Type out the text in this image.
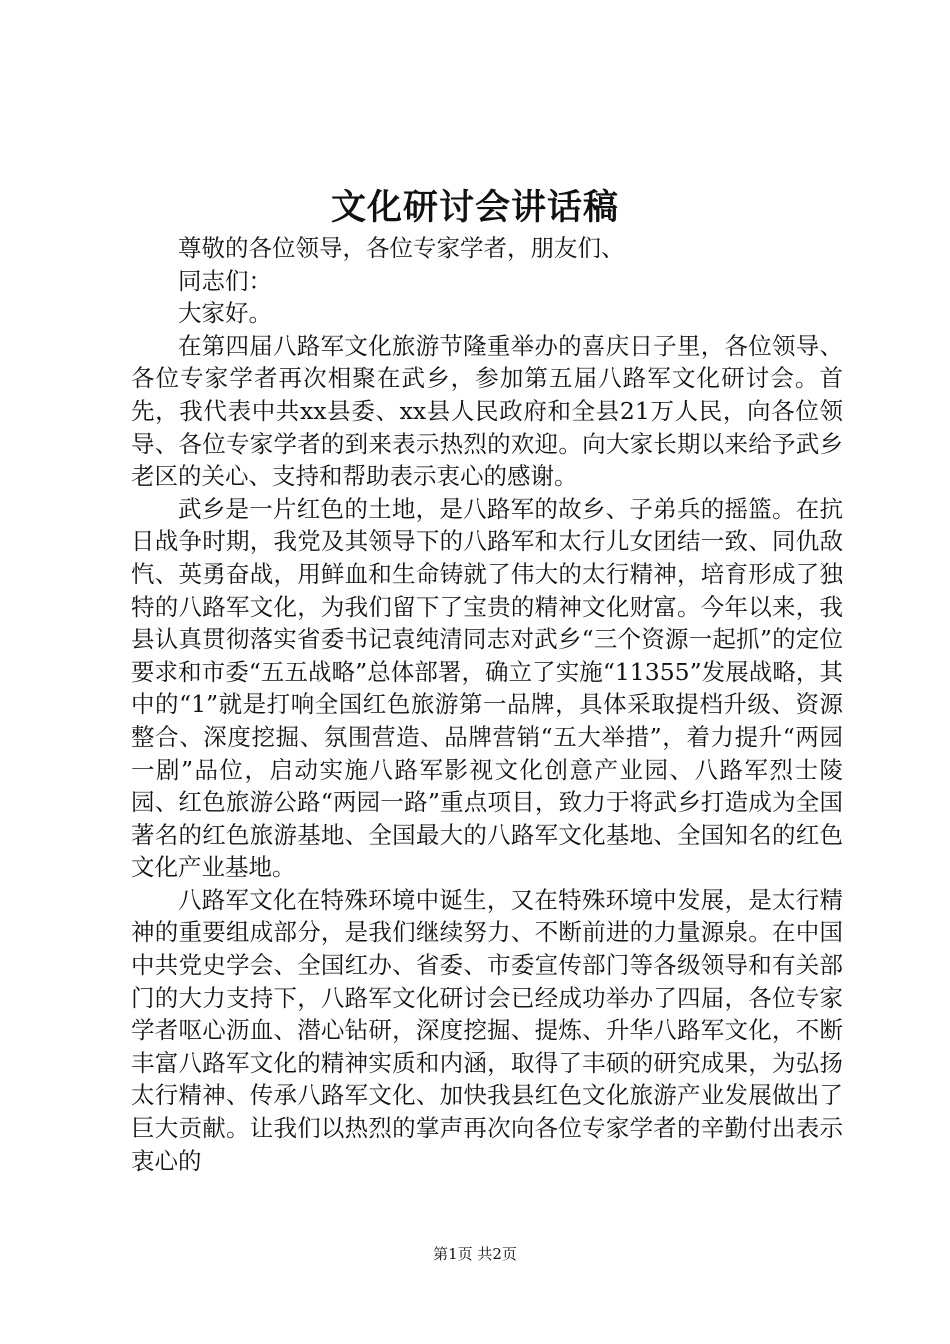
文化研讨会讲话稿

尊敬的各位领导，各位专家学者，朋友们、

同志们：

大家好。

在第四届八路军文化旅游节隆重举办的喜庆日子里，各位领导、各位专家学者再次相聚在武乡，参加第五届八路军文化研讨会。首先，我代表中共xx县委、xx县人民政府和全县21万人民，向各位领导、各位专家学者的到来表示热烈的欢迎。向大家长期以来给予武乡老区的关心、支持和帮助表示衷心的感谢。

武乡是一片红色的土地，是八路军的故乡、子弟兵的摇篮。在抗日战争时期，我党及其领导下的八路军和太行儿女团结一致、同仇敌忾、英勇奋战，用鲜血和生命铸就了伟大的太行精神，培育形成了独特的八路军文化，为我们留下了宝贵的精神文化财富。今年以来，我县认真贯彻落实省委书记袁纯清同志对武乡“三个资源一起抓”的定位要求和市委“五五战略”总体部署，确立了实施“11355”发展战略，其中的“1”就是打响全国红色旅游第一品牌，具体采取提档升级、资源整合、深度挖掘、氛围营造、品牌营销“五大举措”，着力提升“两园一剧”品位，启动实施八路军影视文化创意产业园、八路军烈士陵园、红色旅游公路“两园一路”重点项目，致力于将武乡打造成为全国著名的红色旅游基地、全国最大的八路军文化基地、全国知名的红色文化产业基地。

八路军文化在特殊环境中诞生，又在特殊环境中发展，是太行精神的重要组成部分，是我们继续努力、不断前进的力量源泉。在中国中共党史学会、全国红办、省委、市委宣传部门等各级领导和有关部门的大力支持下，八路军文化研讨会已经成功举办了四届，各位专家学者呕心沥血、潜心钻研，深度挖掘、提炼、升华八路军文化，不断丰富八路军文化的精神实质和内涵，取得了丰硕的研究成果，为弘扬太行精神、传承八路军文化、加快我县红色文化旅游产业发展做出了巨大贡献。让我们以热烈的掌声再次向各位专家学者的辛勤付出表示衷心的

第1页 共2页
